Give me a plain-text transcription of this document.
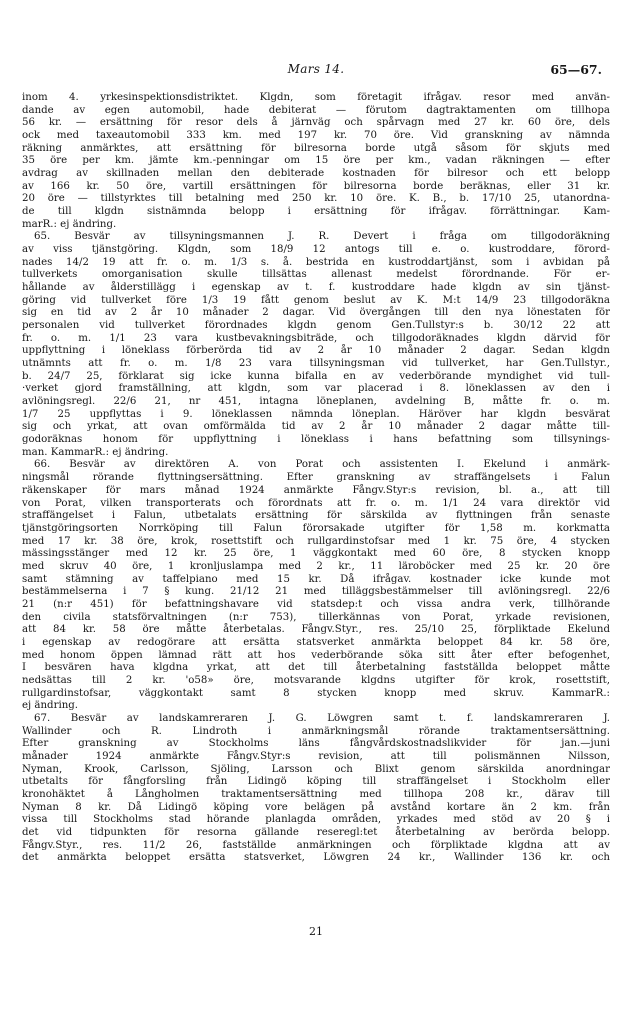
Mars 14.	65—67.
inom 4. yrkesinspektionsdistriktet. Klgdn, som företagit ifrågav. resor med använ-
dande av egen automobil, hade debiterat — förutom dagtraktamenten om tillhopa
56 kr. — ersättning för resor dels å järnväg och spårvagn med 27 kr. 60 öre, dels
ock med taxeautomobil 333 km. med 197 kr. 70 öre. Vid granskning av nämnda
räkning anmärktes, att ersättning för bilresorna borde utgå såsom för skjuts med
35 öre per km. jämte km.-penningar om 15 öre per km., vadan räkningen — efter
avdrag av skillnaden mellan den debiterade kostnaden för bilresor och ett belopp
av 166 kr. 50 öre, vartill ersättningen för bilresorna borde beräknas, eller 31 kr.
20 öre — tillstyrktes till betalning med 250 kr. 10 öre. K. B., b. 17/10 25, utanordna-
de till klgdn sistnämnda belopp i ersättning för ifrågav. förrättningar. Kam-
marR.: ej ändring.
65. Besvär av tillsyningsmannen J. R. Devert i fråga om tillgodoräkning
av viss tjänstgöring. Klgdn, som 18/9 12 antogs till e. o. kustroddare, förord-
nades 14/2 19 att fr. o. m. 1/3 s. å. bestrida en kustroddartjänst, som i avbidan på
tullverkets omorganisation skulle tillsättas allenast medelst förordnande. För er-
hållande av ålderstillägg i egenskap av t. f. kustroddare hade klgdn av sin tjänst-
göring vid tullverket före 1/3 19 fått genom beslut av K. M:t 14/9 23 tillgodoräkna
sig en tid av 2 år 10 månader 2 dagar. Vid övergången till den nya lönestaten för
personalen vid tullverket förordnades klgdn genom Gen.Tullstyr:s b. 30/12 22 att
fr. o. m. 1/1 23 vara kustbevakningsbiträde, och tillgodoräknades klgdn därvid för
uppflyttning i löneklass förberörda tid av 2 år 10 månader 2 dagar. Sedan klgdn
utnämnts att fr. o. m. 1/8 23 vara tillsyningsman vid tullverket, har Gen.Tullstyr.,
b. 24/7 25, förklarat sig icke kunna bifalla en av vederbörande myndighet vid tull-
·verket gjord framställning, att klgdn, som var placerad i 8. löneklassen av den i
avlöningsregl. 22/6 21, nr 451, intagna löneplanen, avdelning B, måtte fr. o. m.
1/7 25 uppflyttas i 9. löneklassen nämnda löneplan. Häröver har klgdn besvärat
sig och yrkat, att ovan omförmälda tid av 2 år 10 månader 2 dagar måtte till-
godoräknas honom för uppflyttning i löneklass i hans befattning som tillsynings-
man. KammarR.: ej ändring.
66. Besvär av direktören A. von Porat och assistenten I. Ekelund i anmärk-
ningsmål rörande flyttningsersättning. Efter granskning av straffängelsets i Falun
räkenskaper för mars månad 1924 anmärkte Fångv.Styr:s revision, bl. a., att till
von Porat, vilken transporterats och förordnats att fr. o. m. 1/1 24 vara direktör vid
straffängelset i Falun, utbetalats ersättning för särskilda av flyttningen från senaste
tjänstgöringsorten Norrköping till Falun förorsakade utgifter för 1,58 m. korkmatta
med 17 kr. 38 öre, krok, rosettstift och rullgardinstofsar med 1 kr. 75 öre, 4 stycken
mässingsstänger med 12 kr. 25 öre, 1 väggkontakt med 60 öre, 8 stycken knopp
med skruv 40 öre, 1 kronljuslampa med 2 kr., 11 läroböcker med 25 kr. 20 öre
samt stämning av taffelpiano med 15 kr. Då ifrågav. kostnader icke kunde mot
bestämmelserna i 7 § kung. 21/12 21 med tilläggsbestämmelser till avlöningsregl. 22/6
21 (n:r 451) för befattningshavare vid statsdep:t och vissa andra verk, tillhörande
den civila statsförvaltningen (n:r 753), tillerkännas von Porat, yrkade revisionen,
att 84 kr. 58 öre måtte återbetalas. Fångv.Styr., res. 25/10 25, förpliktade Ekelund
i egenskap av redogörare att ersätta statsverket anmärkta beloppet 84 kr. 58 öre,
med honom öppen lämnad rätt att hos vederbörande söka sitt åter efter befogenhet,
I besvären hava klgdna yrkat, att det till återbetalning fastställda beloppet måtte
nedsättas till 2 kr. 'o58» öre, motsvarande klgdns utgifter för krok, rosettstift,
rullgardinstofsar, väggkontakt samt 8 stycken knopp med skruv. KammarR.:
ej ändring.
67. Besvär av landskamreraren J. G. Löwgren samt t. f. landskamreraren J.
Wallinder och R. Lindroth i anmärkningsmål rörande traktamentsersättning.
Efter granskning av Stockholms läns fångvårdskostnadslikvider för jan.—juni
månader 1924 anmärkte Fångv.Styr:s revision, att till polismännen Nilsson,
Nyman, Krook, Carlsson, Sjöling, Larsson och Blixt genom särskilda anordningar
utbetalts för fångforsling från Lidingö köping till straffängelset i Stockholm eller
kronohäktet å Långholmen traktamentsersättning med tillhopa 208 kr., därav till
Nyman 8 kr. Då Lidingö köping vore belägen på avstånd kortare än 2 km. från
vissa till Stockholms stad hörande planlagda områden, yrkades med stöd av 20 § i
det vid tidpunkten för resorna gällande reseregl:tet återbetalning av berörda belopp.
Fångv.Styr., res. 11/2 26, fastställde anmärkningen och förpliktade klgdna att av
det anmärkta beloppet ersätta statsverket, Löwgren 24 kr., Wallinder 136 kr. och
21
